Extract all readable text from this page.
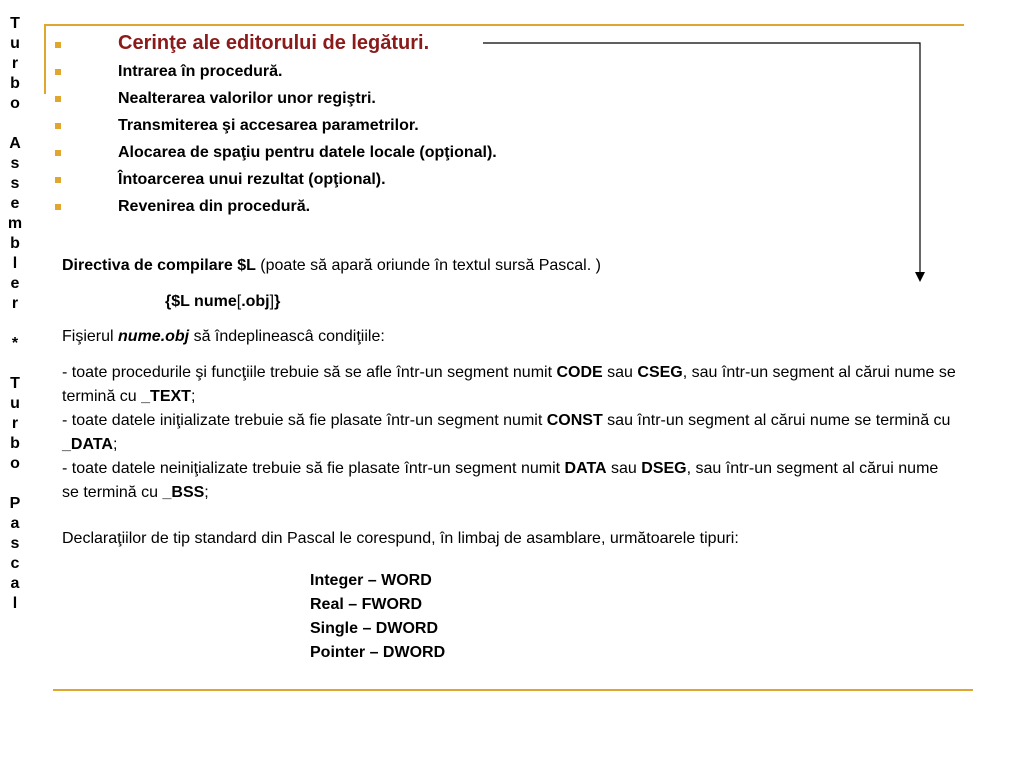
T
u
r
b
o

A
s
s
e
m
b
l
e
r

*

T
u
r
b
o

P
a
s
c
a
l
Cerinţe ale editorului de legături.
Intrarea în procedură.
Nealterarea valorilor unor regiştri.
Transmiterea şi accesarea parametrilor.
Alocarea de spaţiu pentru datele locale (opţional).
Întoarcerea unui rezultat (opţional).
Revenirea din procedură.
Directiva de compilare $L (poate să apară oriunde în textul sursă Pascal. )
{$L nume[.obj]}
Fişierul nume.obj să îndeplineascâ condiţiile:
- toate procedurile şi funcţiile trebuie să se afle într-un segment numit CODE sau CSEG, sau într-un segment al cărui nume se termină cu _TEXT;
- toate datele iniţializate trebuie să fie plasate într-un segment numit CONST sau într-un segment al cărui nume se termină cu _DATA;
- toate datele neiniţializate trebuie să fie plasate într-un segment numit DATA sau DSEG, sau într-un segment al cărui nume se termină cu _BSS;
Declaraţiilor de tip standard din Pascal le corespund, în limbaj de asamblare, următoarele tipuri:
Integer – WORD
Real – FWORD
Single – DWORD
Pointer – DWORD
